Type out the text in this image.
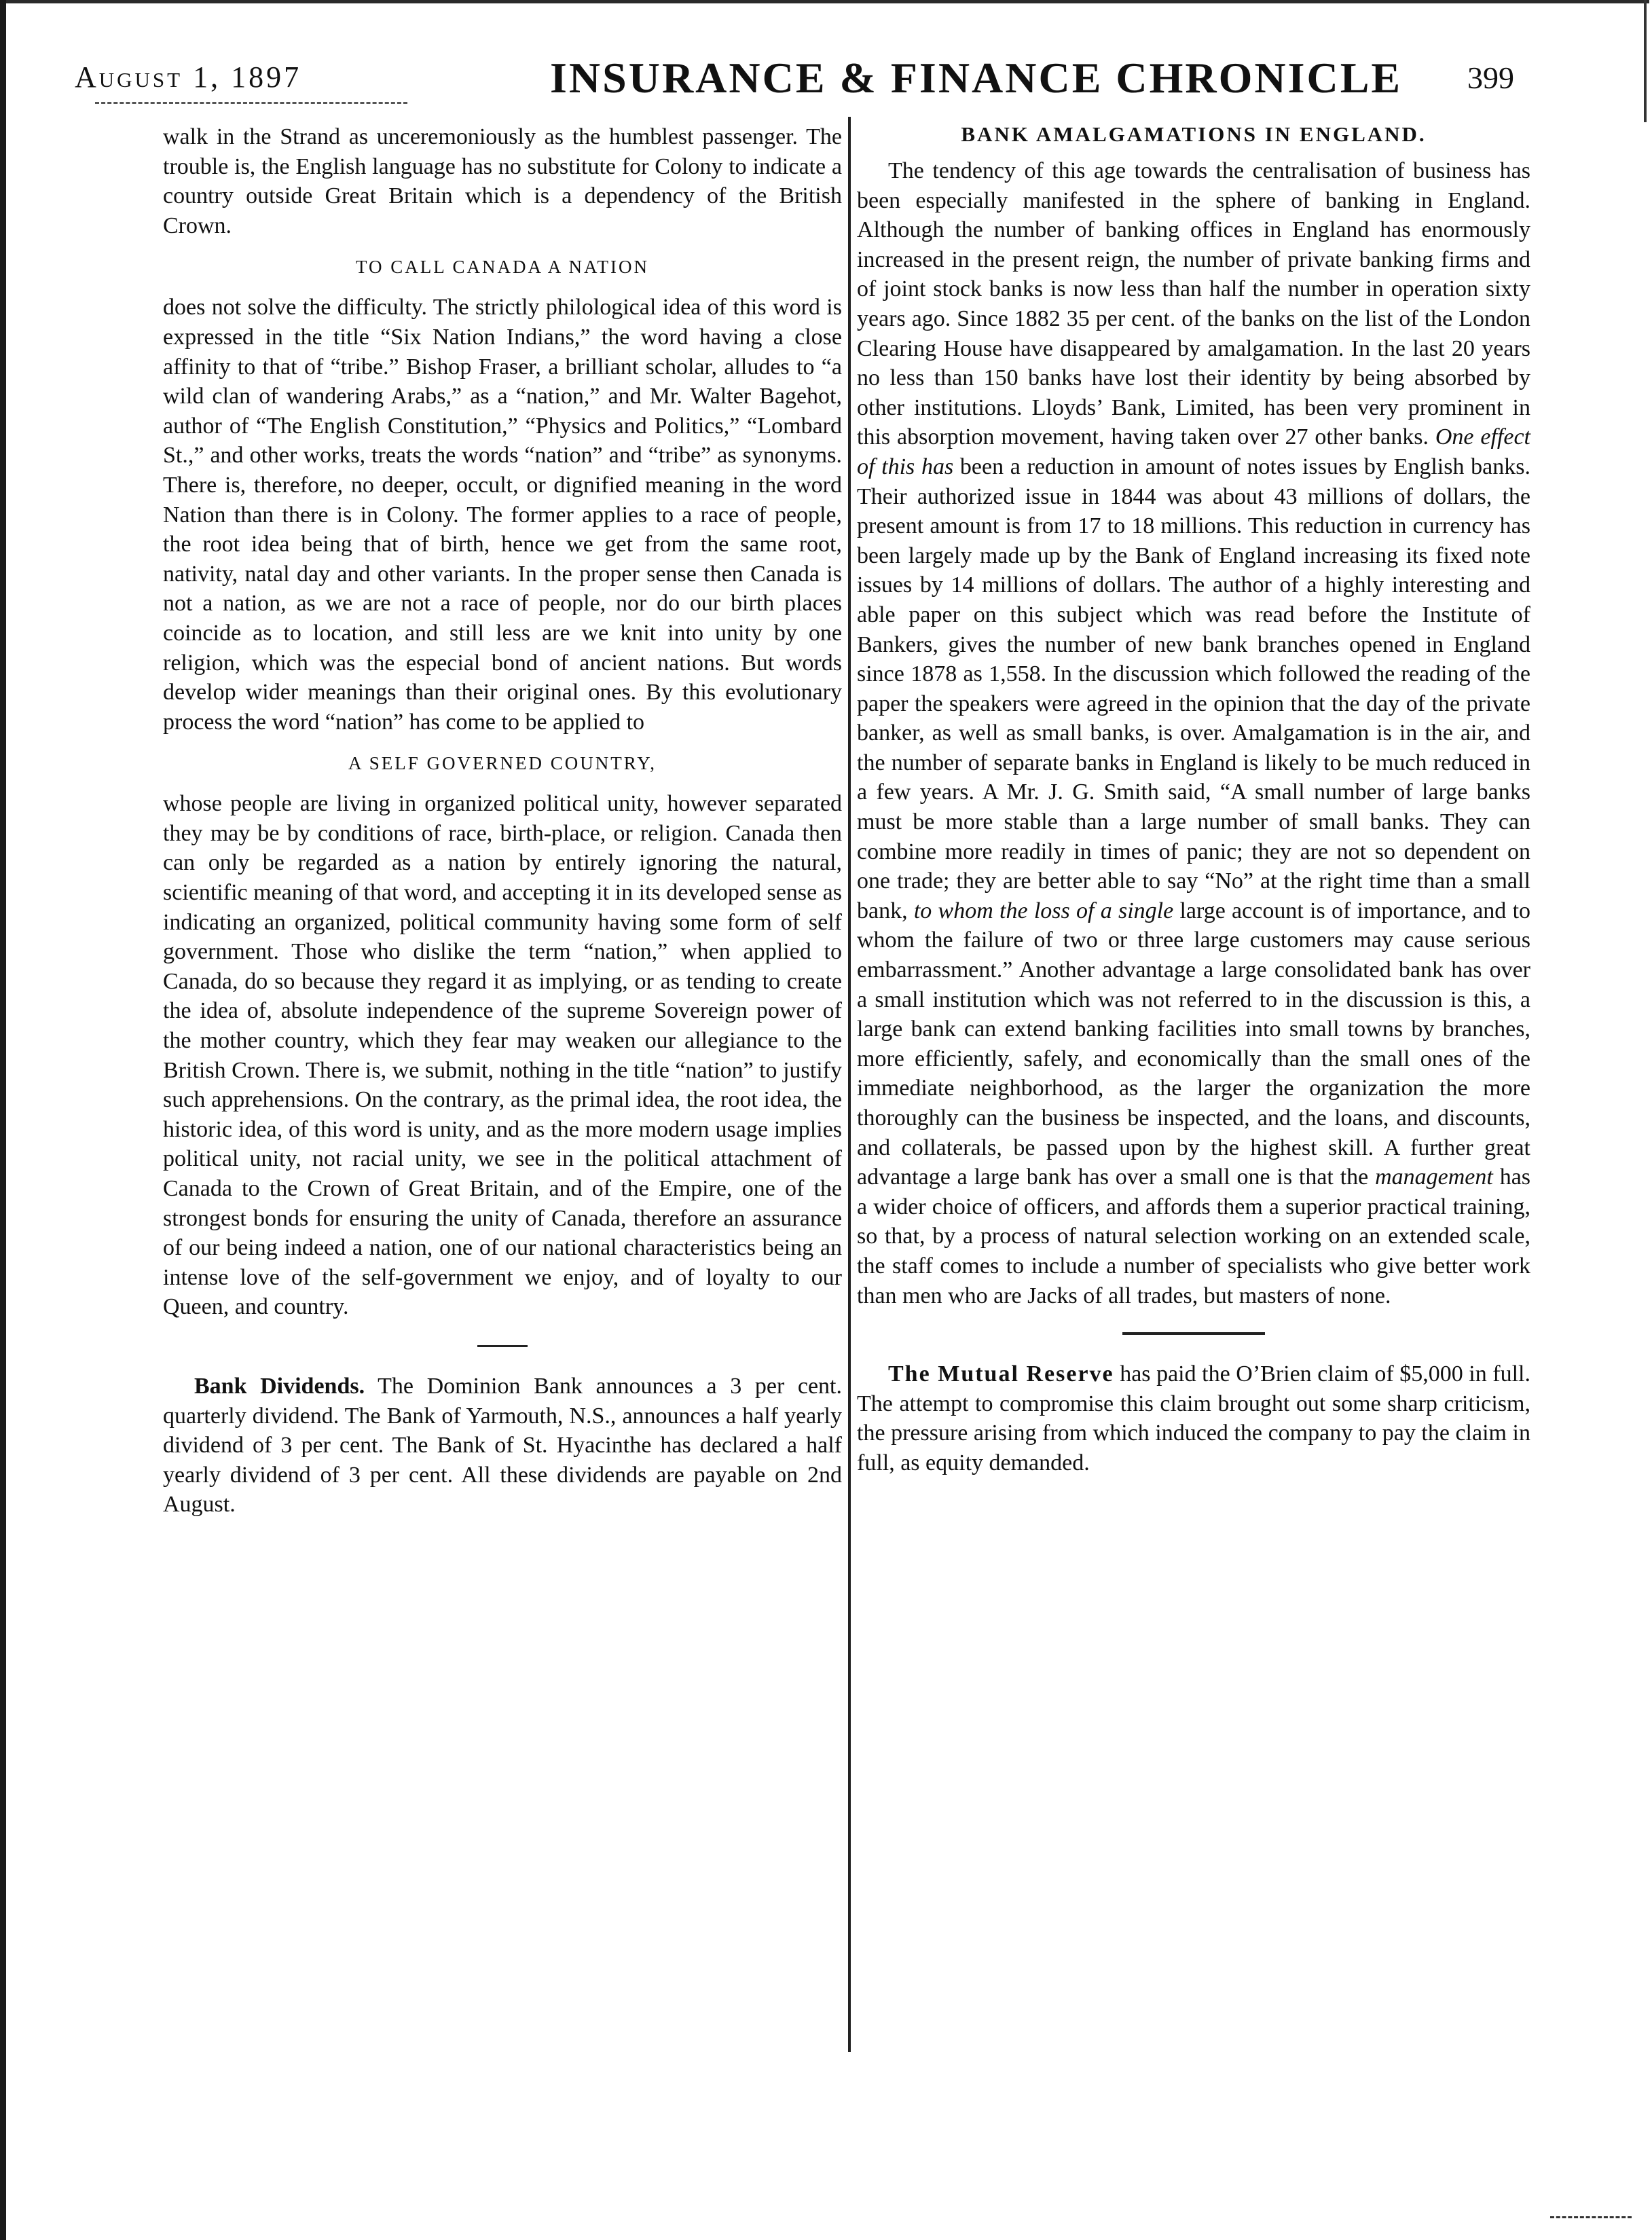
August 1, 1897	INSURANCE & FINANCE CHRONICLE 399

walk in the Strand as unceremoniously as the humblest passenger. The trouble is, the English language has no substitute for Colony to indicate a country outside Great Britain which is a dependency of the British Crown.

TO CALL CANADA A NATION

does not solve the difficulty. The strictly philological idea of this word is expressed in the title “Six Nation Indians,” the word having a close affinity to that of “tribe.” Bishop Fraser, a brilliant scholar, alludes to “a wild clan of wandering Arabs,” as a “nation,” and Mr. Walter Bagehot, author of “The English Constitution,” “Physics and Politics,” “Lombard St.,” and other works, treats the words “nation” and “tribe” as synonyms. There is, therefore, no deeper, occult, or dignified meaning in the word Nation than there is in Colony. The former applies to a race of people, the root idea being that of birth, hence we get from the same root, nativity, natal day and other variants. In the proper sense then Canada is not a nation, as we are not a race of people, nor do our birth places coincide as to location, and still less are we knit into unity by one religion, which was the especial bond of ancient nations. But words develop wider meanings than their original ones. By this evolutionary process the word “nation” has come to be applied to

A SELF GOVERNED COUNTRY,

whose people are living in organized political unity, however separated they may be by conditions of race, birth-place, or religion. Canada then can only be regarded as a nation by entirely ignoring the natural, scientific meaning of that word, and accepting it in its developed sense as indicating an organized, political community having some form of self government. Those who dislike the term “nation,” when applied to Canada, do so because they regard it as implying, or as tending to create the idea of, absolute independence of the supreme Sovereign power of the mother country, which they fear may weaken our allegiance to the British Crown. There is, we submit, nothing in the title “nation” to justify such apprehensions. On the contrary, as the primal idea, the root idea, the historic idea, of this word is unity, and as the more modern usage implies political unity, not racial unity, we see in the political attachment of Canada to the Crown of Great Britain, and of the Empire, one of the strongest bonds for ensuring the unity of Canada, therefore an assurance of our being indeed a nation, one of our national characteristics being an intense love of the self-government we enjoy, and of loyalty to our Queen, and country.

Bank Dividends. The Dominion Bank announces a 3 per cent. quarterly dividend. The Bank of Yarmouth, N.S., announces a half yearly dividend of 3 per cent. The Bank of St. Hyacinthe has declared a half yearly dividend of 3 per cent. All these dividends are payable on 2nd August.

BANK AMALGAMATIONS IN ENGLAND.

The tendency of this age towards the centralisation of business has been especially manifested in the sphere of banking in England. Although the number of banking offices in England has enormously increased in the present reign, the number of private banking firms and of joint stock banks is now less than half the number in operation sixty years ago. Since 1882 35 per cent. of the banks on the list of the London Clearing House have disappeared by amalgamation. In the last 20 years no less than 150 banks have lost their identity by being absorbed by other institutions. Lloyds’ Bank, Limited, has been very prominent in this absorption movement, having taken over 27 other banks. One effect of this has been a reduction in amount of notes issues by English banks. Their authorized issue in 1844 was about 43 millions of dollars, the present amount is from 17 to 18 millions. This reduction in currency has been largely made up by the Bank of England increasing its fixed note issues by 14 millions of dollars. The author of a highly interesting and able paper on this subject which was read before the Institute of Bankers, gives the number of new bank branches opened in England since 1878 as 1,558. In the discussion which followed the reading of the paper the speakers were agreed in the opinion that the day of the private banker, as well as small banks, is over. Amalgamation is in the air, and the number of separate banks in England is likely to be much reduced in a few years. A Mr. J. G. Smith said, “A small number of large banks must be more stable than a large number of small banks. They can combine more readily in times of panic; they are not so dependent on one trade; they are better able to say “No” at the right time than a small bank, to whom the loss of a single large account is of importance, and to whom the failure of two or three large customers may cause serious embarrassment.” Another advantage a large consolidated bank has over a small institution which was not referred to in the discussion is this, a large bank can extend banking facilities into small towns by branches, more efficiently, safely, and economically than the small ones of the immediate neighborhood, as the larger the organization the more thoroughly can the business be inspected, and the loans, and discounts, and collaterals, be passed upon by the highest skill. A further great advantage a large bank has over a small one is that the management has a wider choice of officers, and affords them a superior practical training, so that, by a process of natural selection working on an extended scale, the staff comes to include a number of specialists who give better work than men who are Jacks of all trades, but masters of none.

The Mutual Reserve has paid the O’Brien claim of $5,000 in full. The attempt to compromise this claim brought out some sharp criticism, the pressure arising from which induced the company to pay the claim in full, as equity demanded.
